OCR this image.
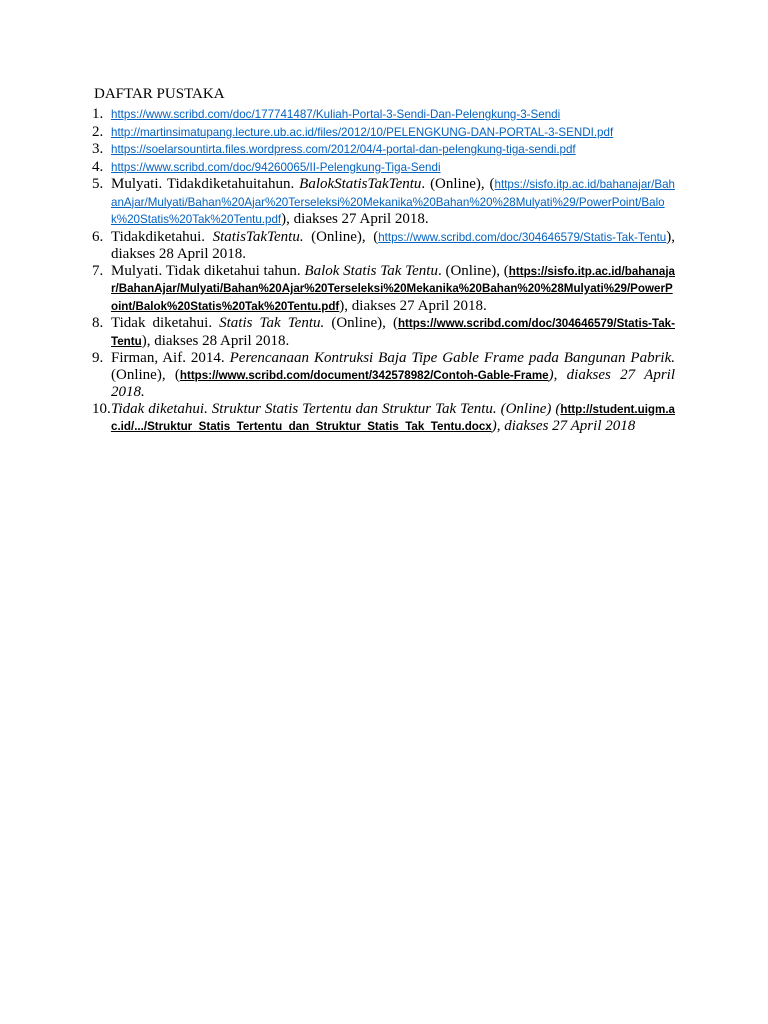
DAFTAR PUSTAKA
1. https://www.scribd.com/doc/177741487/Kuliah-Portal-3-Sendi-Dan-Pelengkung-3-Sendi
2. http://martinsimatupang.lecture.ub.ac.id/files/2012/10/PELENGKUNG-DAN-PORTAL-3-SENDI.pdf
3. https://soelarsountirta.files.wordpress.com/2012/04/4-portal-dan-pelengkung-tiga-sendi.pdf
4. https://www.scribd.com/doc/94260065/II-Pelengkung-Tiga-Sendi
5. Mulyati. Tidakdiketahuitahun. BalokStatisTakTentu. (Online), (https://sisfo.itp.ac.id/bahanajar/BahanAjar/Mulyati/Bahan%20Ajar%20Terseleksi%20Mekanika%20Bahan%20%28Mulyati%29/PowerPoint/Balok%20Statis%20Tak%20Tentu.pdf), diakses 27 April 2018.
6. Tidakdiketahui. StatisTakTentu. (Online), (https://www.scribd.com/doc/304646579/Statis-Tak-Tentu), diakses 28 April 2018.
7. Mulyati. Tidak diketahui tahun. Balok Statis Tak Tentu. (Online), (https://sisfo.itp.ac.id/bahanajar/BahanAjar/Mulyati/Bahan%20Ajar%20Terseleksi%20Mekanika%20Bahan%20%28Mulyati%29/PowerPoint/Balok%20Statis%20Tak%20Tentu.pdf), diakses 27 April 2018.
8. Tidak diketahui. Statis Tak Tentu. (Online), (https://www.scribd.com/doc/304646579/Statis-Tak-Tentu), diakses 28 April 2018.
9. Firman, Aif. 2014. Perencanaan Kontruksi Baja Tipe Gable Frame pada Bangunan Pabrik. (Online), (https://www.scribd.com/document/342578982/Contoh-Gable-Frame), diakses 27 April 2018.
10. Tidak diketahui. Struktur Statis Tertentu dan Struktur Tak Tentu. (Online) (http://student.uigm.ac.id/.../Struktur_Statis_Tertentu_dan_Struktur_Statis_Tak_Tentu.docx), diakses 27 April 2018
